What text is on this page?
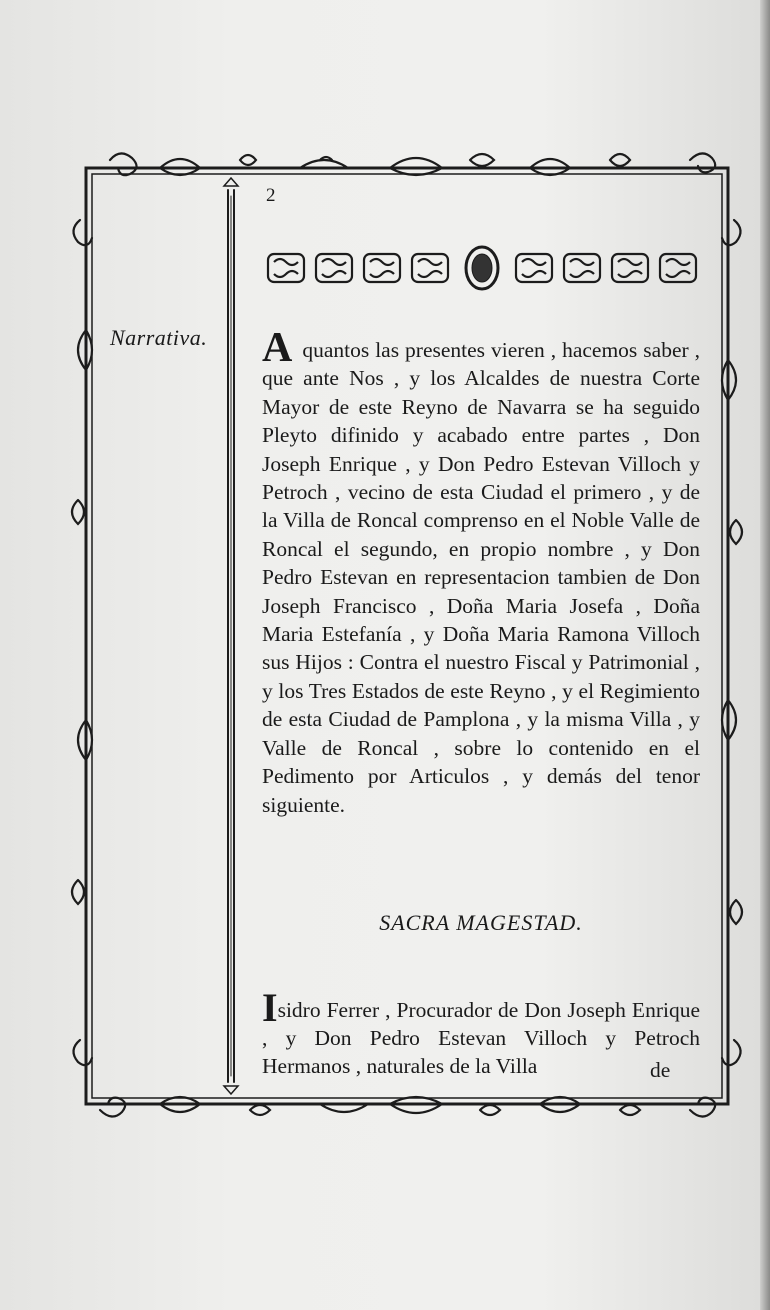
2
Narrativa. A quantos las presentes vieren , hacemos saber , que ante Nos , y los Alcaldes de nuestra Corte Mayor de este Reyno de Navarra se ha seguido Pleyto difinido y acabado entre partes , Don Joseph Enrique , y Don Pedro Estevan Villoch y Petroch , vecino de esta Ciudad el primero , y de la Villa de Roncal comprenso en el Noble Valle de Roncal el segundo, en propio nombre , y Don Pedro Estevan en representacion tambien de Don Joseph Francisco , Doña Maria Josefa , Doña Maria Estefanía , y Doña Maria Ramona Villoch sus Hijos : Contra el nuestro Fiscal y Patrimonial , y los Tres Estados de este Reyno , y el Regimiento de esta Ciudad de Pamplona , y la misma Villa , y Valle de Roncal , sobre lo contenido en el Pedimento por Articulos , y demás del tenor siguiente.

SACRA MAGESTAD.

Isidro Ferrer , Procurador de Don Joseph Enrique , y Don Pedro Estevan Villoch y Petroch Hermanos , naturales de la Villa	de
